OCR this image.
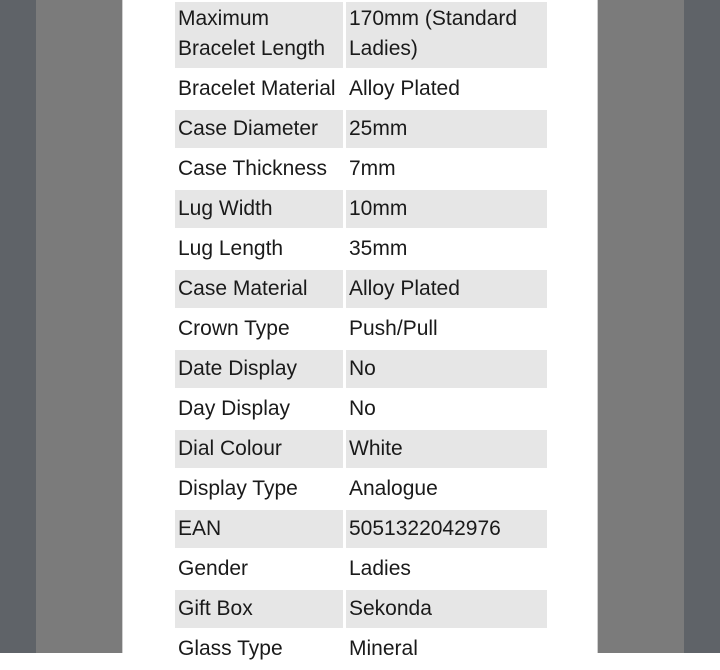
Maximum Bracelet Length	170mm (Standard Ladies)
Bracelet Material	Alloy Plated
Case Diameter	25mm
Case Thickness	7mm
Lug Width	10mm
Lug Length	35mm
Case Material	Alloy Plated
Crown Type	Push/Pull
Date Display	No
Day Display	No
Dial Colour	White
Display Type	Analogue
EAN	5051322042976
Gender	Ladies
Gift Box	Sekonda
Glass Type	Mineral
